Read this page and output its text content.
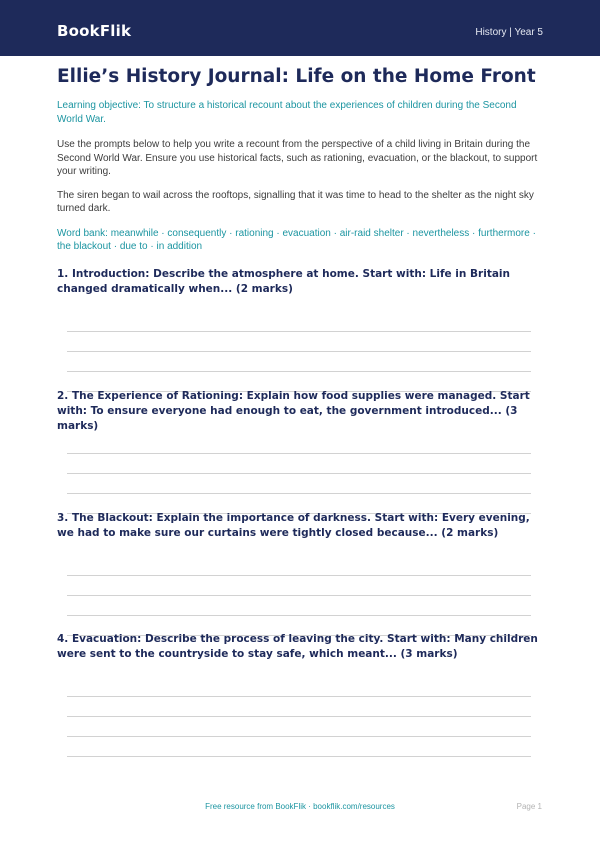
BookFlik	History | Year 5
Ellie’s History Journal: Life on the Home Front

Learning objective: To structure a historical recount about the experiences of children during the Second World War.

Use the prompts below to help you write a recount from the perspective of a child living in Britain during the Second World War. Ensure you use historical facts, such as rationing, evacuation, or the blackout, to support your writing.

The siren began to wail across the rooftops, signalling that it was time to head to the shelter as the night sky turned dark.

Word bank: meanwhile · consequently · rationing · evacuation · air-raid shelter · nevertheless · furthermore · the blackout · due to · in addition

1. Introduction: Describe the atmosphere at home. Start with: Life in Britain changed dramatically when... (2 marks)

2. The Experience of Rationing: Explain how food supplies were managed. Start with: To ensure everyone had enough to eat, the government introduced... (3 marks)

3. The Blackout: Explain the importance of darkness. Start with: Every evening, we had to make sure our curtains were tightly closed because... (2 marks)

4. Evacuation: Describe the process of leaving the city. Start with: Many children were sent to the countryside to stay safe, which meant... (3 marks)

Free resource from BookFlik · bookflik.com/resources	Page 1
